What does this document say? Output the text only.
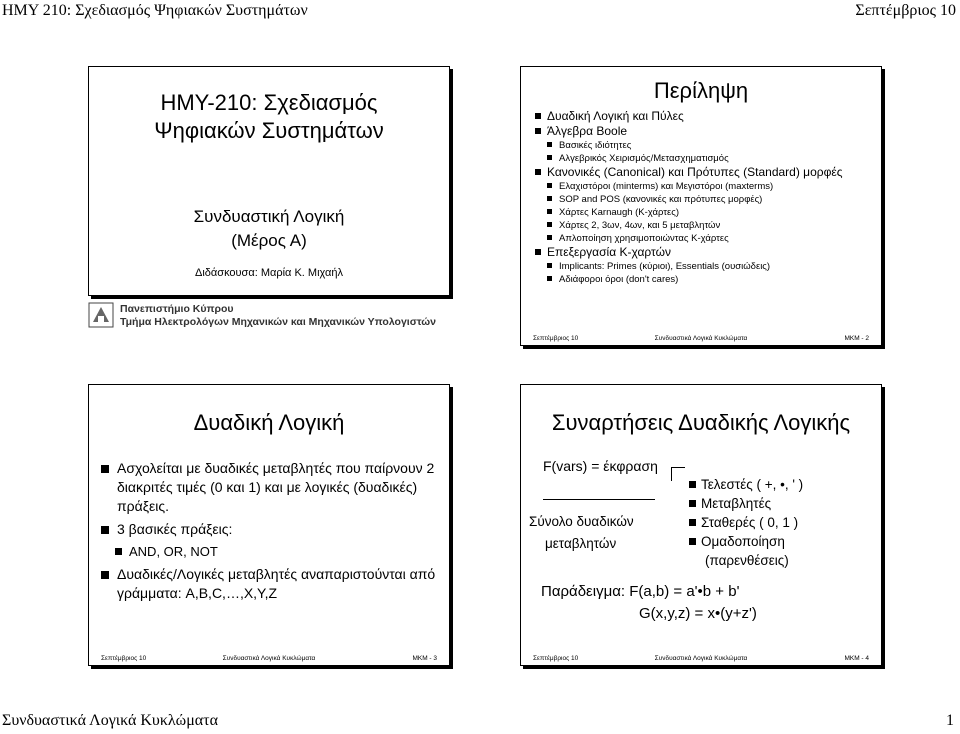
ΗΜΥ 210: Σχεδιασμός Ψηφιακών Συστημάτων	Σεπτέμβριος 10
ΗΜΥ-210: Σχεδιασμός
Ψηφιακών Συστημάτων
Συνδυαστική Λογική
(Μέρος Α)
Διδάσκουσα: Μαρία Κ. Μιχαήλ
Πανεπιστήμιο Κύπρου
Τμήμα Ηλεκτρολόγων Μηχανικών και Μηχανικών Υπολογιστών
Περίληψη
Δυαδική Λογική και Πύλες
Άλγεβρα Boole
Βασικές ιδιότητες
Αλγεβρικός Χειρισμός/Μετασχηματισμός
Κανονικές (Canonical) και Πρότυπες (Standard) μορφές
Ελαχιστόροι (minterms) και Μεγιστόροι (maxterms)
SOP and POS (κανονικές και πρότυπες μορφές)
Χάρτες Karnaugh (K-χάρτες)
Χάρτες 2, 3ων, 4ων, και 5 μεταβλητών
Απλοποίηση χρησιμοποιώντας K-χάρτες
Επεξεργασία K-χαρτών
Implicants: Primes (κύριοι), Essentials (ουσιώδεις)
Αδιάφοροι όροι (don't cares)
Σεπτέμβριος 10	Συνδυαστικά Λογικά Κυκλώματα	ΜΚΜ - 2
Δυαδική Λογική
Ασχολείται με δυαδικές μεταβλητές που παίρνουν 2 διακριτές τιμές (0 και 1) και με λογικές (δυαδικές) πράξεις.
3 βασικές πράξεις:
AND, OR, NOT
Δυαδικές/Λογικές μεταβλητές αναπαριστούνται από γράμματα: A,B,C,…,X,Y,Z
Σεπτέμβριος 10	Συνδυαστικά Λογικά Κυκλώματα	ΜΚΜ - 3
Συναρτήσεις Δυαδικής Λογικής
F(vars) = έκφραση
Σύνολο δυαδικών
μεταβλητών
Τελεστές ( +, •, ' )
Μεταβλητές
Σταθερές ( 0, 1 )
Ομαδοποίηση
(παρενθέσεις)
Παράδειγμα: F(a,b) = a'•b + b'
G(x,y,z) = x•(y+z')
Σεπτέμβριος 10	Συνδυαστικά Λογικά Κυκλώματα	ΜΚΜ - 4
Συνδυαστικά Λογικά Κυκλώματα	1
